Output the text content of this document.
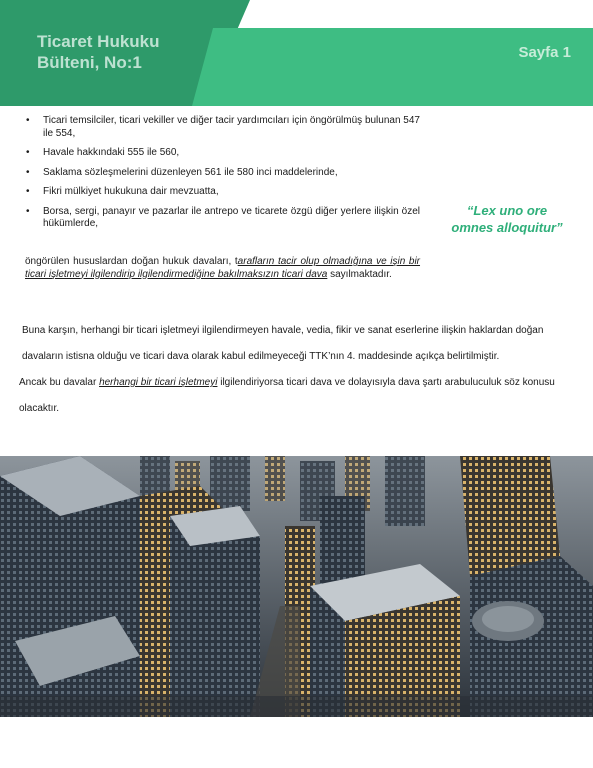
Ticaret Hukuku
Bülteni, No:1
Sayfa 1
• Ticari temsilciler, ticari vekiller ve diğer tacir yardımcıları için öngörülmüş bulunan 547 ile 554,
• Havale hakkındaki 555 ile 560,
• Saklama sözleşmelerini düzenleyen 561 ile 580 inci maddelerinde,
• Fikri mülkiyet hukukuna dair mevzuatta,
• Borsa, sergi, panayır ve pazarlar ile antrepo ve ticarete özgü diğer yerlere ilişkin özel hükümlerde,
öngörülen hususlardan doğan hukuk davaları, tarafların tacir olup olmadığına ve işin bir ticari işletmeyi ilgilendirip ilgilendirmediğine bakılmaksızın ticari dava sayılmaktadır.
“Lex uno ore
omnes alloquitur”

Buna karşın, herhangi bir ticari işletmeyi ilgilendirmeyen havale, vedia, fikir ve sanat eserlerine ilişkin haklardan doğan davaların istisna olduğu ve ticari dava olarak kabul edilmeyeceği TTK’nın 4. maddesinde açıkça belirtilmiştir.

Ancak bu davalar herhangi bir ticari işletmeyi ilgilendiriyorsa ticari dava ve dolayısıyla dava şartı arabuluculuk söz konusu olacaktır.
